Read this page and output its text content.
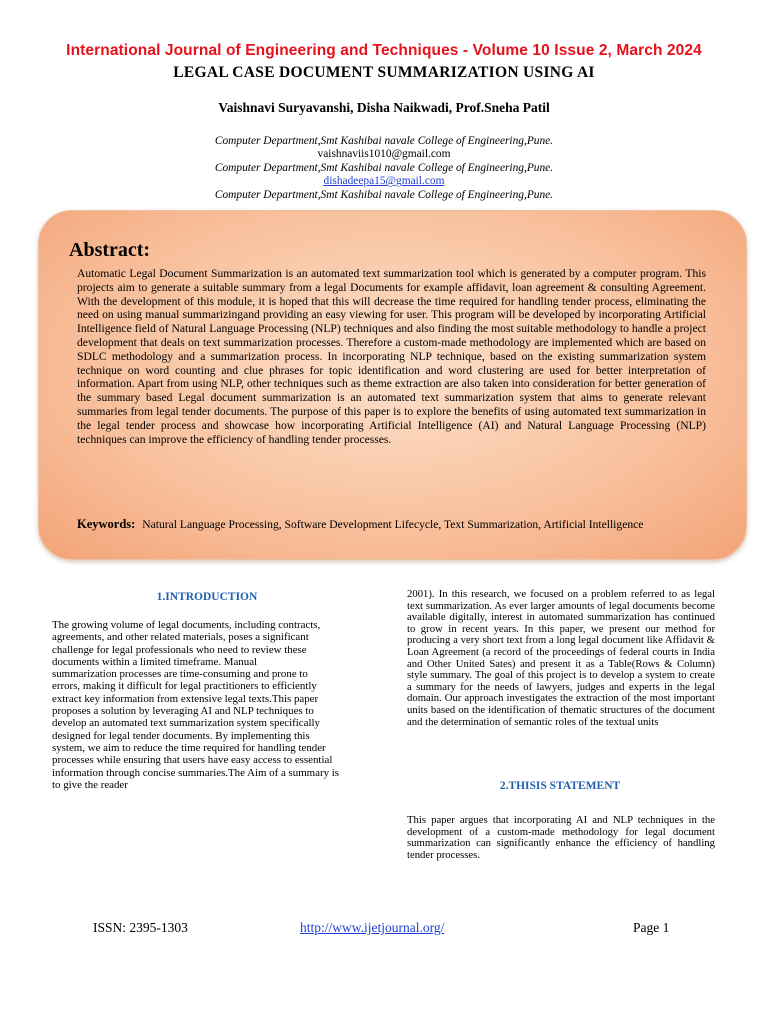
International Journal of Engineering and Techniques - Volume 10 Issue 2, March 2024
LEGAL CASE DOCUMENT SUMMARIZATION USING AI
Vaishnavi Suryavanshi, Disha Naikwadi, Prof.Sneha Patil
Computer Department,Smt Kashibai navale College of Engineering,Pune.
vaishnaviis1010@gmail.com
Computer Department,Smt Kashibai navale College of Engineering,Pune.
dishadeepa15@gmail.com
Computer Department,Smt Kashibai navale College of Engineering,Pune.
Abstract:
Automatic Legal Document Summarization is an automated text summarization tool which is generated by a computer program. This projects aim to generate a suitable summary from a legal Documents for example affidavit, loan agreement & consulting Agreement. With the development of this module, it is hoped that this will decrease the time required for handling tender process, eliminating the need on using manual summarizingand providing an easy viewing for user. This program will be developed by incorporating Artificial Intelligence field of Natural Language Processing (NLP) techniques and also finding the most suitable methodology to handle a project development that deals on text summarization processes. Therefore a custom-made methodology are implemented which are based on SDLC methodology and a summarization process. In incorporating NLP technique, based on the existing summarization system technique on word counting and clue phrases for topic identification and word clustering are used for better interpretation of information. Apart from using NLP, other techniques such as theme extraction are also taken into consideration for better generation of the summary based Legal document summarization is an automated text summarization system that aims to generate relevant summaries from legal tender documents. The purpose of this paper is to explore the benefits of using automated text summarization in the legal tender process and showcase how incorporating Artificial Intelligence (AI) and Natural Language Processing (NLP) techniques can improve the efficiency of handling tender processes.
Keywords: Natural Language Processing, Software Development Lifecycle, Text Summarization, Artificial Intelligence
1.INTRODUCTION
The growing volume of legal documents, including contracts,
agreements, and other related materials, poses a significant
challenge for legal professionals who need to review these
documents within a limited timeframe. Manual
summarization processes are time-consuming and prone to
errors, making it difficult for legal practitioners to efficiently
extract key information from extensive legal texts.This paper
proposes a solution by leveraging AI and NLP techniques to
develop an automated text summarization system specifically
designed for legal tender documents. By implementing this
system, we aim to reduce the time required for handling tender
processes while ensuring that users have easy access to essential
information through concise summaries.The Aim of a summary is
to give the reader
2001). In this research, we focused on a problem referred to as legal text summarization. As ever larger amounts of legal documents become available digitally, interest in automated summarization has continued to grow in recent years. In this paper, we present our method for producing a very short text from a long legal document like Affidavit & Loan Agreement (a record of the proceedings of federal courts in India and Other United Sates) and present it as a Table(Rows & Column) style summary. The goal of this project is to develop a system to create a summary for the needs of lawyers, judges and experts in the legal domain. Our approach investigates the extraction of the most important units based on the identification of thematic structures of the document and the determination of semantic roles of the textual units
2.THISIS STATEMENT
This paper argues that incorporating AI and NLP techniques in the development of a custom-made methodology for legal document summarization can significantly enhance the efficiency of handling tender processes.
ISSN: 2395-1303	http://www.ijetjournal.org/	Page 1
